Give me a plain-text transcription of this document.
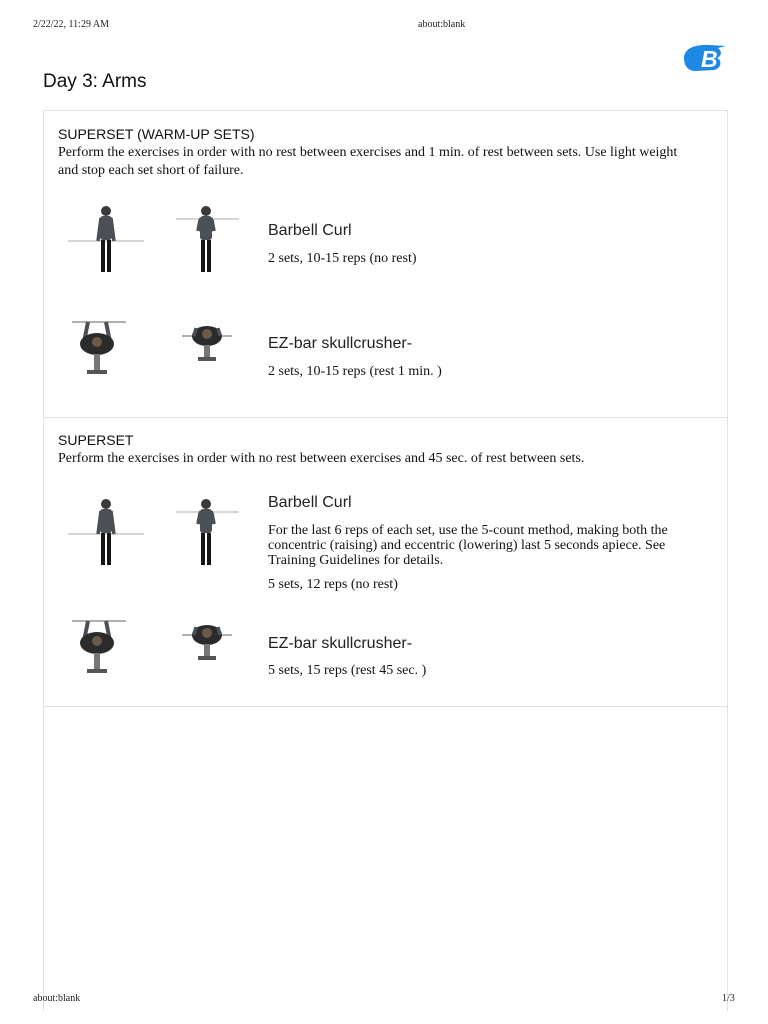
2/22/22, 11:29 AM	about:blank
B
Day 3: Arms
SUPERSET (WARM-UP SETS)
Perform the exercises in order with no rest between exercises and 1 min. of rest between sets. Use light weight and stop each set short of failure.
Barbell Curl
2 sets, 10-15 reps (no rest)
EZ-bar skullcrusher-
2 sets, 10-15 reps (rest 1 min. )
SUPERSET
Perform the exercises in order with no rest between exercises and 45 sec. of rest between sets.
Barbell Curl
For the last 6 reps of each set, use the 5-count method, making both the concentric (raising) and eccentric (lowering) last 5 seconds apiece. See Training Guidelines for details.
5 sets, 12 reps (no rest)
EZ-bar skullcrusher-
5 sets, 15 reps (rest 45 sec. )
about:blank	1/3
